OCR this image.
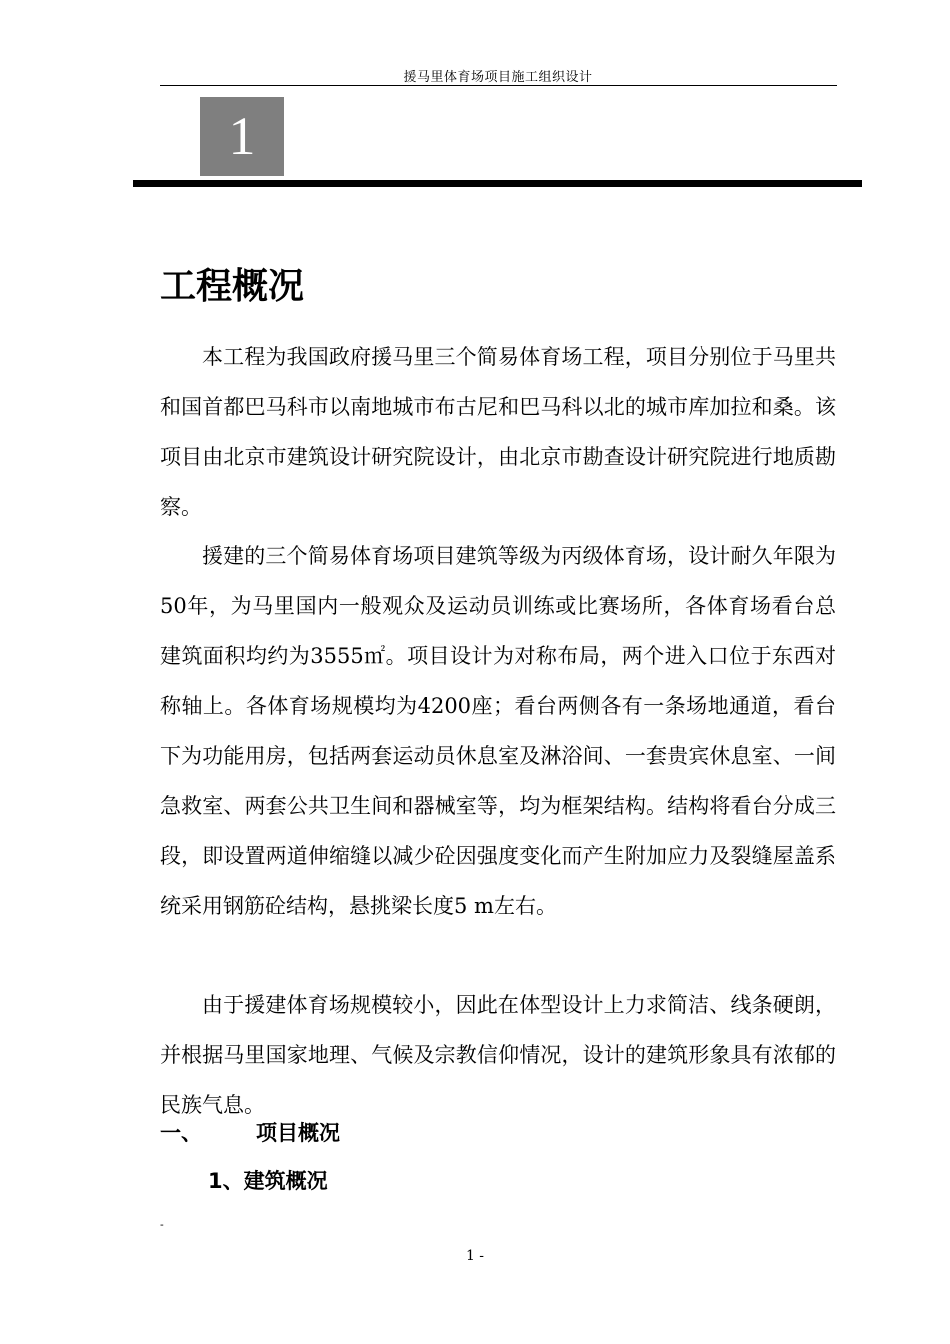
援马里体育场项目施工组织设计
1
工程概况

本工程为我国政府援马里三个简易体育场工程，项目分别位于马里共和国首都巴马科市以南地城市布古尼和巴马科以北的城市库加拉和桑。该项目由北京市建筑设计研究院设计，由北京市勘查设计研究院进行地质勘察。

援建的三个简易体育场项目建筑等级为丙级体育场，设计耐久年限为50年，为马里国内一般观众及运动员训练或比赛场所，各体育场看台总建筑面积均约为3555㎡。项目设计为对称布局，两个进入口位于东西对称轴上。各体育场规模均为4200座；看台两侧各有一条场地通道，看台下为功能用房，包括两套运动员休息室及淋浴间、一套贵宾休息室、一间急救室、两套公共卫生间和器械室等，均为框架结构。结构将看台分成三段，即设置两道伸缩缝以减少砼因强度变化而产生附加应力及裂缝屋盖系统采用钢筋砼结构，悬挑梁长度5 m左右。

由于援建体育场规模较小，因此在体型设计上力求简洁、线条硬朗，并根据马里国家地理、气候及宗教信仰情况，设计的建筑形象具有浓郁的民族气息。

一、	项目概况
1、建筑概况
-
1 -
